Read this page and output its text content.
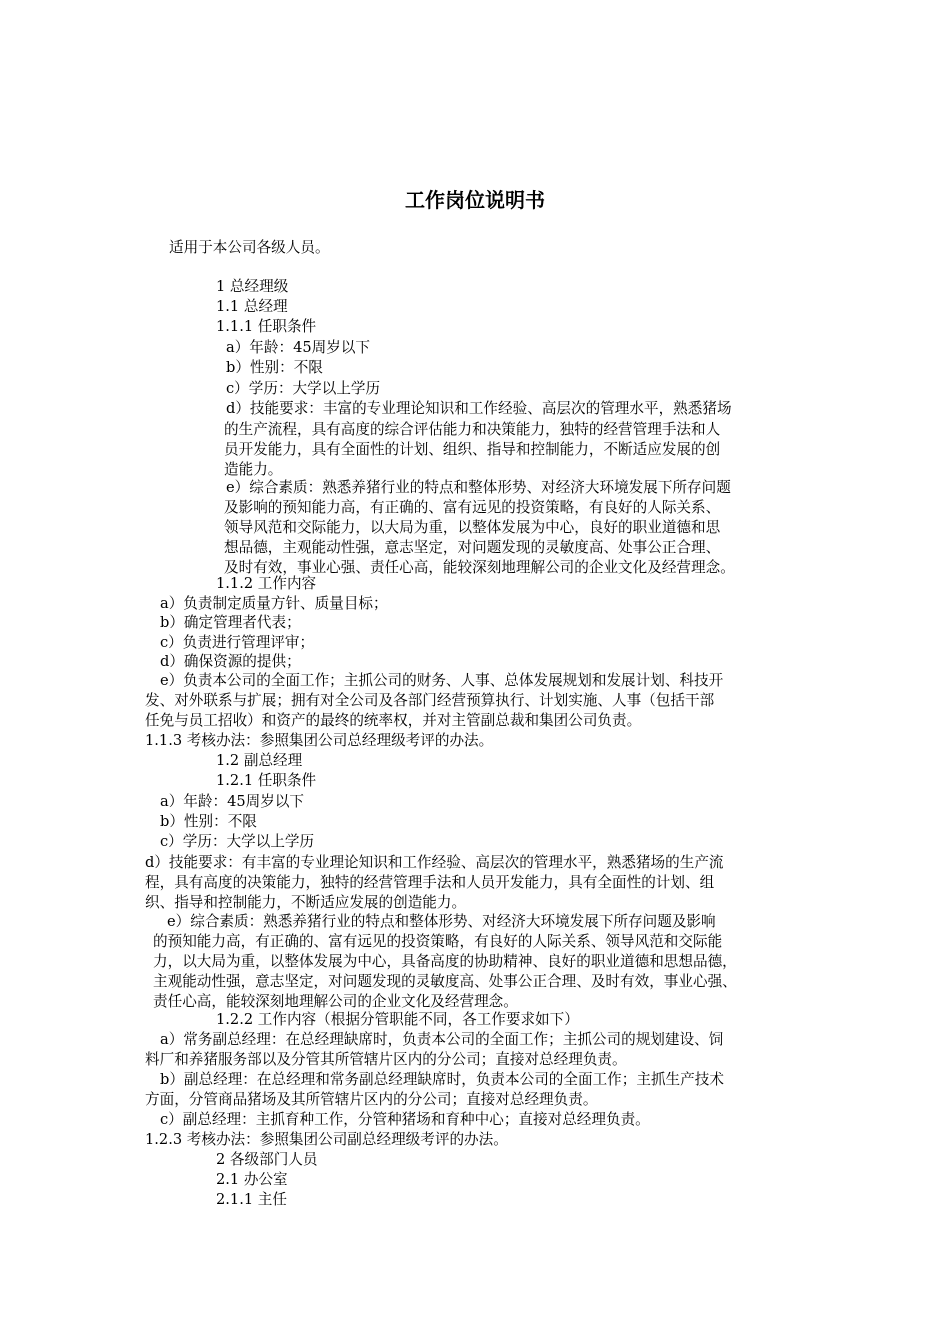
工作岗位说明书

适用于本公司各级人员。

1 总经理级

1.1 总经理

1.1.1 任职条件

a）年龄：45周岁以下

b）性别：不限

c）学历：大学以上学历

d）技能要求：丰富的专业理论知识和工作经验、高层次的管理水平，熟悉猪场

的生产流程，具有高度的综合评估能力和决策能力，独特的经营管理手法和人

员开发能力，具有全面性的计划、组织、指导和控制能力，不断适应发展的创

造能力。

e）综合素质：熟悉养猪行业的特点和整体形势、对经济大环境发展下所存问题

及影响的预知能力高，有正确的、富有远见的投资策略，有良好的人际关系、

领导风范和交际能力，以大局为重，以整体发展为中心，良好的职业道德和思

想品德，主观能动性强，意志坚定，对问题发现的灵敏度高、处事公正合理、

及时有效，事业心强、责任心高，能较深刻地理解公司的企业文化及经营理念。

1.1.2 工作内容

a）负责制定质量方针、质量目标；

b）确定管理者代表；

c）负责进行管理评审；

d）确保资源的提供；

e）负责本公司的全面工作；主抓公司的财务、人事、总体发展规划和发展计划、科技开

发、对外联系与扩展；拥有对全公司及各部门经营预算执行、计划实施、人事（包括干部

任免与员工招收）和资产的最终的统率权，并对主管副总裁和集团公司负责。

1.1.3 考核办法：参照集团公司总经理级考评的办法。

1.2 副总经理

1.2.1 任职条件

a）年龄：45周岁以下

b）性别：不限

c）学历：大学以上学历

d）技能要求：有丰富的专业理论知识和工作经验、高层次的管理水平，熟悉猪场的生产流

程，具有高度的决策能力，独特的经营管理手法和人员开发能力，具有全面性的计划、组

织、指导和控制能力，不断适应发展的创造能力。

e）综合素质：熟悉养猪行业的特点和整体形势、对经济大环境发展下所存问题及影响

的预知能力高，有正确的、富有远见的投资策略，有良好的人际关系、领导风范和交际能

力，以大局为重，以整体发展为中心，具备高度的协助精神、良好的职业道德和思想品德，

主观能动性强，意志坚定，对问题发现的灵敏度高、处事公正合理、及时有效，事业心强、

责任心高，能较深刻地理解公司的企业文化及经营理念。

1.2.2 工作内容（根据分管职能不同，各工作要求如下）

a）常务副总经理：在总经理缺席时，负责本公司的全面工作；主抓公司的规划建设、饲

料厂和养猪服务部以及分管其所管辖片区内的分公司；直接对总经理负责。

b）副总经理：在总经理和常务副总经理缺席时，负责本公司的全面工作；主抓生产技术

方面，分管商品猪场及其所管辖片区内的分公司；直接对总经理负责。

c）副总经理：主抓育种工作，分管种猪场和育种中心；直接对总经理负责。

1.2.3 考核办法：参照集团公司副总经理级考评的办法。

2 各级部门人员

2.1 办公室

2.1.1 主任
